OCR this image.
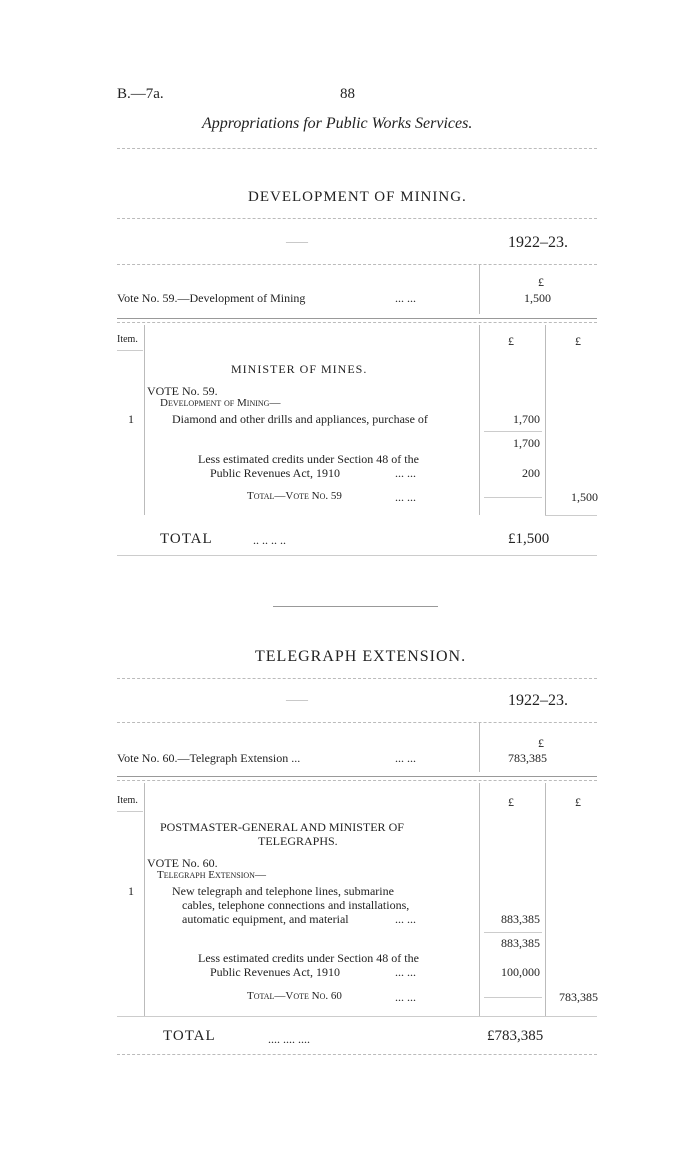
B.—7a.	88
Appropriations for Public Works Services.
DEVELOPMENT OF MINING.
——	1922–23.
£
Vote No. 59.—Development of Mining	... ...	1,500
Item.	£	£
MINISTER OF MINES.
VOTE No. 59.
Development of Mining—
1	Diamond and other drills and appliances, purchase of	1,700
1,700
Less estimated credits under Section 48 of the
Public Revenues Act, 1910	... ...	200
Total—Vote No. 59	... ...	1,500
TOTAL	.. .. .. ..	£1,500
TELEGRAPH EXTENSION.
——	1922–23.
£
Vote No. 60.—Telegraph Extension ...	... ...	783,385
Item.	£	£
POSTMASTER-GENERAL AND MINISTER OF
TELEGRAPHS.
VOTE No. 60.
Telegraph Extension—
1	New telegraph and telephone lines, submarine
cables, telephone connections and installations,
automatic equipment, and material	... ...	883,385
883,385
Less estimated credits under Section 48 of the
Public Revenues Act, 1910	... ...	100,000
Total—Vote No. 60	... ...	783,385
TOTAL	.... .... ....	£783,385
